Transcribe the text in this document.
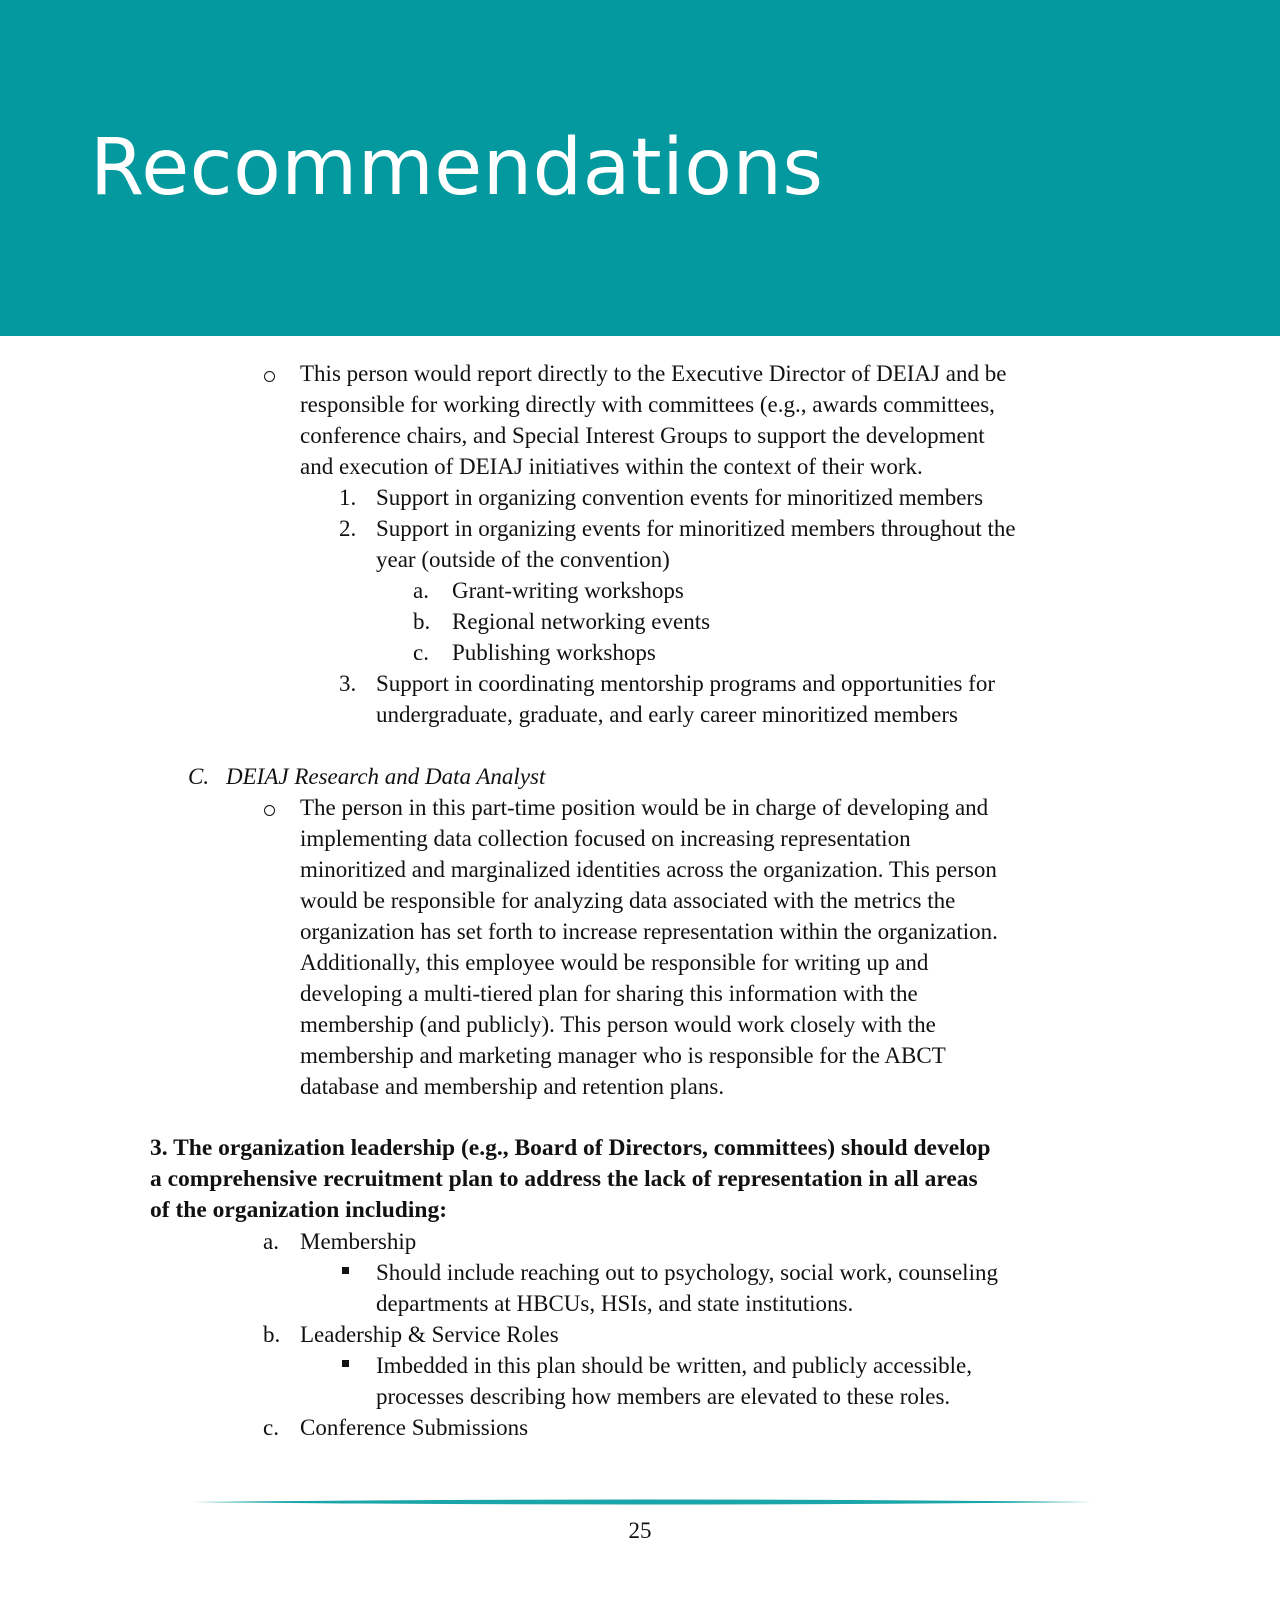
Recommendations
This person would report directly to the Executive Director of DEIAJ and be
responsible for working directly with committees (e.g., awards committees,
conference chairs, and Special Interest Groups to support the development
and execution of DEIAJ initiatives within the context of their work.
1. Support in organizing convention events for minoritized members
2. Support in organizing events for minoritized members throughout the
year (outside of the convention)
a. Grant-writing workshops
b. Regional networking events
c. Publishing workshops
3. Support in coordinating mentorship programs and opportunities for
undergraduate, graduate, and early career minoritized members
C. DEIAJ Research and Data Analyst
The person in this part-time position would be in charge of developing and
implementing data collection focused on increasing representation
minoritized and marginalized identities across the organization. This person
would be responsible for analyzing data associated with the metrics the
organization has set forth to increase representation within the organization.
Additionally, this employee would be responsible for writing up and
developing a multi-tiered plan for sharing this information with the
membership (and publicly). This person would work closely with the
membership and marketing manager who is responsible for the ABCT
database and membership and retention plans.
3. The organization leadership (e.g., Board of Directors, committees) should develop
a comprehensive recruitment plan to address the lack of representation in all areas
of the organization including:
a. Membership
Should include reaching out to psychology, social work, counseling
departments at HBCUs, HSIs, and state institutions.
b. Leadership & Service Roles
Imbedded in this plan should be written, and publicly accessible,
processes describing how members are elevated to these roles.
c. Conference Submissions
25
